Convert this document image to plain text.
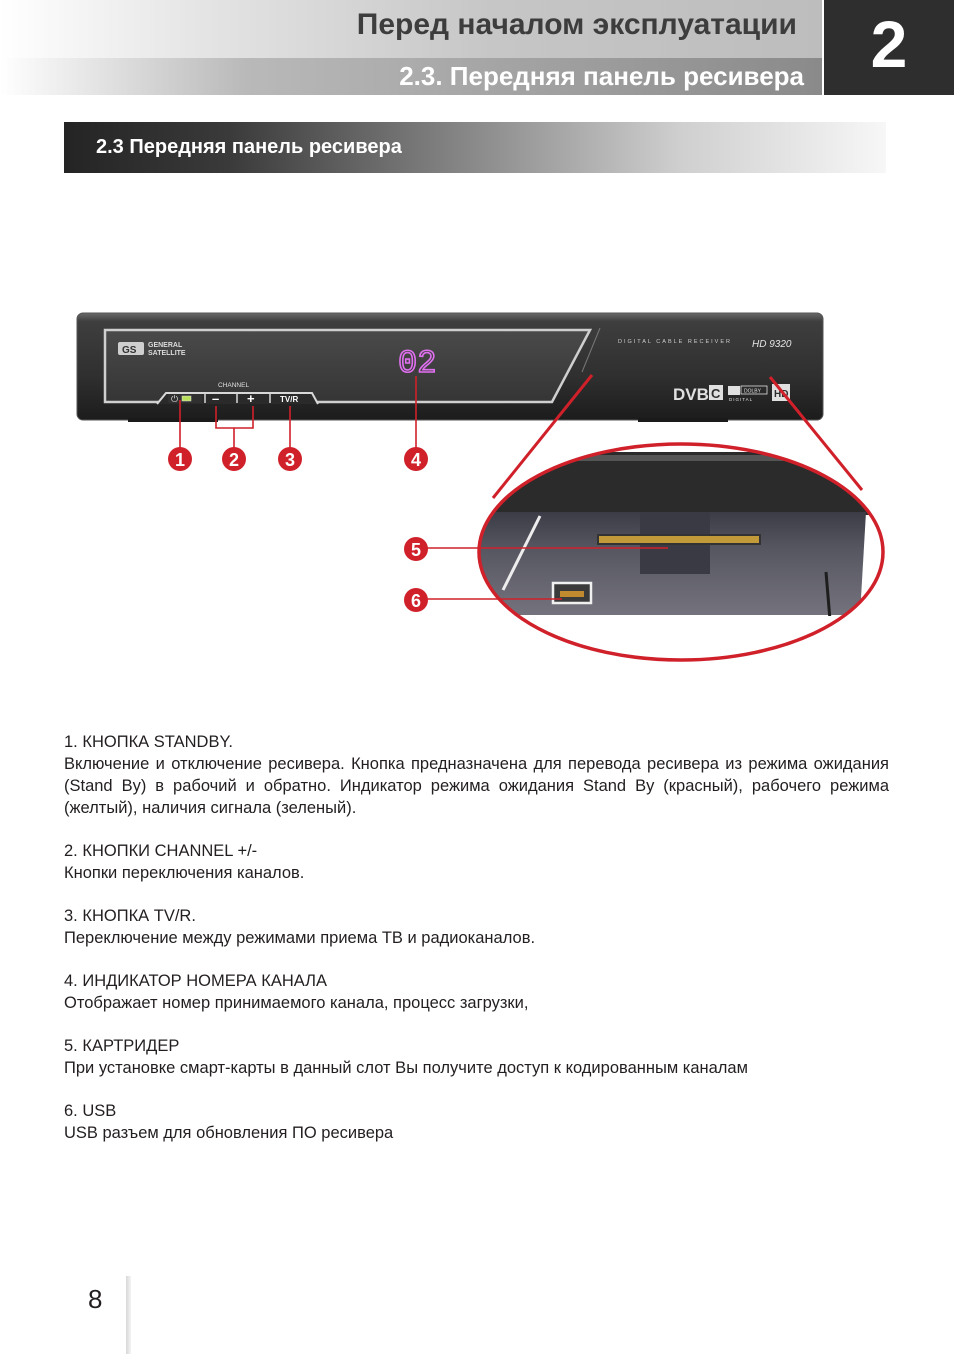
Перед началом эксплуатации
2.3. Передняя панель ресивера	2
2.3 Передняя панель ресивера
GS GENERAL
SATELLITE	02
CHANNEL
⏻	– +	TV/R
DIGITAL CABLE RECEIVER HD 9320
DVB C	DOLBY
DIGITAL HD
1 2	3	4
5
6
1. КНОПКА STANDBY.
Включение и отключение ресивера. Кнопка предназначена для перевода ресивера из режима ожидания (Stand By) в рабочий и обратно. Индикатор режима ожидания Stand By (красный), рабочего режима (желтый), наличия сигнала (зеленый).
2. КНОПКИ CHANNEL +/-
Кнопки переключения каналов.
3. КНОПКА TV/R.
Переключение между режимами приема ТВ и радиоканалов.
4. ИНДИКАТОР НОМЕРА КАНАЛА
Отображает номер принимаемого канала, процесс загрузки,
5. КАРТРИДЕР
При установке смарт-карты в данный слот Вы получите доступ к кодированным каналам
6. USB
USB разъем для обновления ПО ресивера
8
